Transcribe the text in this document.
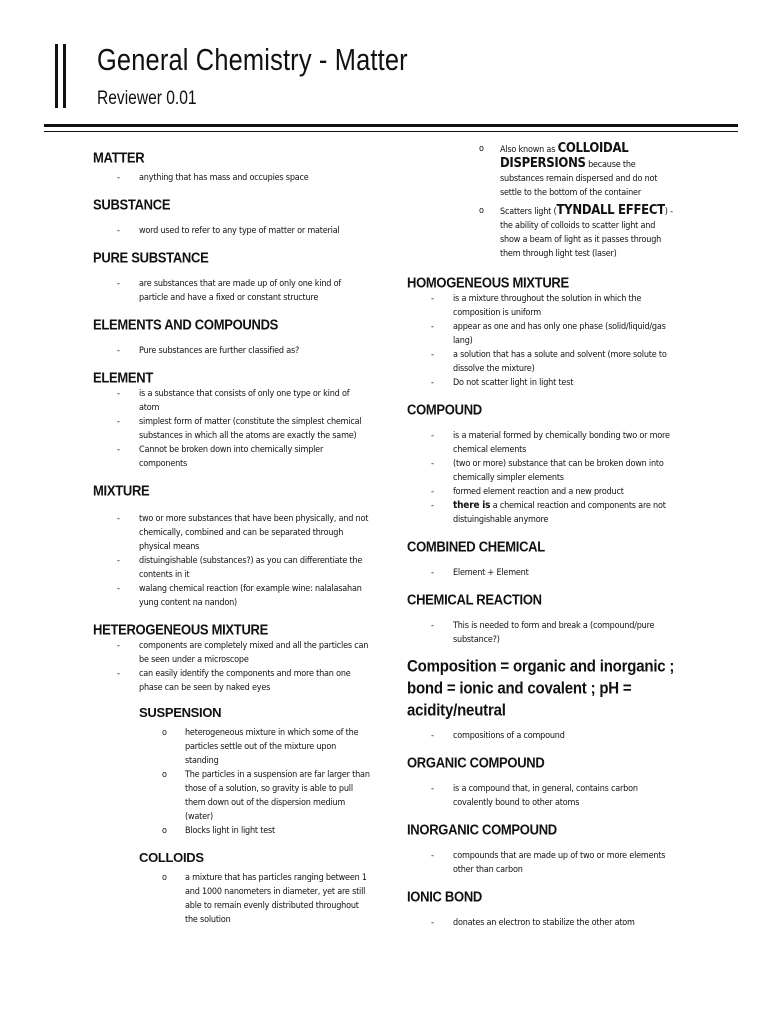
General Chemistry - Matter
Reviewer 0.01
MATTER
- anything that has mass and occupies space
SUBSTANCE
- word used to refer to any type of matter or material
PURE SUBSTANCE
- are substances that are made up of only one kind of particle and have a fixed or constant structure
ELEMENTS AND COMPOUNDS
- Pure substances are further classified as?
ELEMENT
- is a substance that consists of only one type or kind of atom
- simplest form of matter (constitute the simplest chemical substances in which all the atoms are exactly the same)
- Cannot be broken down into chemically simpler components
MIXTURE
- two or more substances that have been physically, and not chemically, combined and can be separated through physical means
- distuingishable (substances?) as you can differentiate the contents in it
- walang chemical reaction (for example wine: nalalasahan yung content na nandon)
HETEROGENEOUS MIXTURE
- components are completely mixed and all the particles can be seen under a microscope
- can easily identify the components and more than one phase can be seen by naked eyes
SUSPENSION
o heterogeneous mixture in which some of the particles settle out of the mixture upon standing
o The particles in a suspension are far larger than those of a solution, so gravity is able to pull them down out of the dispersion medium (water)
o Blocks light in light test
COLLOIDS
o a mixture that has particles ranging between 1 and 1000 nanometers in diameter, yet are still able to remain evenly distributed throughout the solution
o Also known as COLLOIDAL DISPERSIONS because the substances remain dispersed and do not settle to the bottom of the container
o Scatters light (TYNDALL EFFECT) - the ability of colloids to scatter light and show a beam of light as it passes through them through light test (laser)
HOMOGENEOUS MIXTURE
- is a mixture throughout the solution in which the composition is uniform
- appear as one and has only one phase (solid/liquid/gas lang)
- a solution that has a solute and solvent (more solute to dissolve the mixture)
- Do not scatter light in light test
COMPOUND
- is a material formed by chemically bonding two or more chemical elements
- (two or more) substance that can be broken down into chemically simpler elements
- formed element reaction and a new product
- there is a chemical reaction and components are not distuingishable anymore
COMBINED CHEMICAL
- Element + Element
CHEMICAL REACTION
- This is needed to form and break a (compound/pure substance?)
Composition = organic and inorganic ; bond = ionic and covalent ; pH = acidity/neutral
- compositions of a compound
ORGANIC COMPOUND
- is a compound that, in general, contains carbon covalently bound to other atoms
INORGANIC COMPOUND
- compounds that are made up of two or more elements other than carbon
IONIC BOND
- donates an electron to stabilize the other atom
